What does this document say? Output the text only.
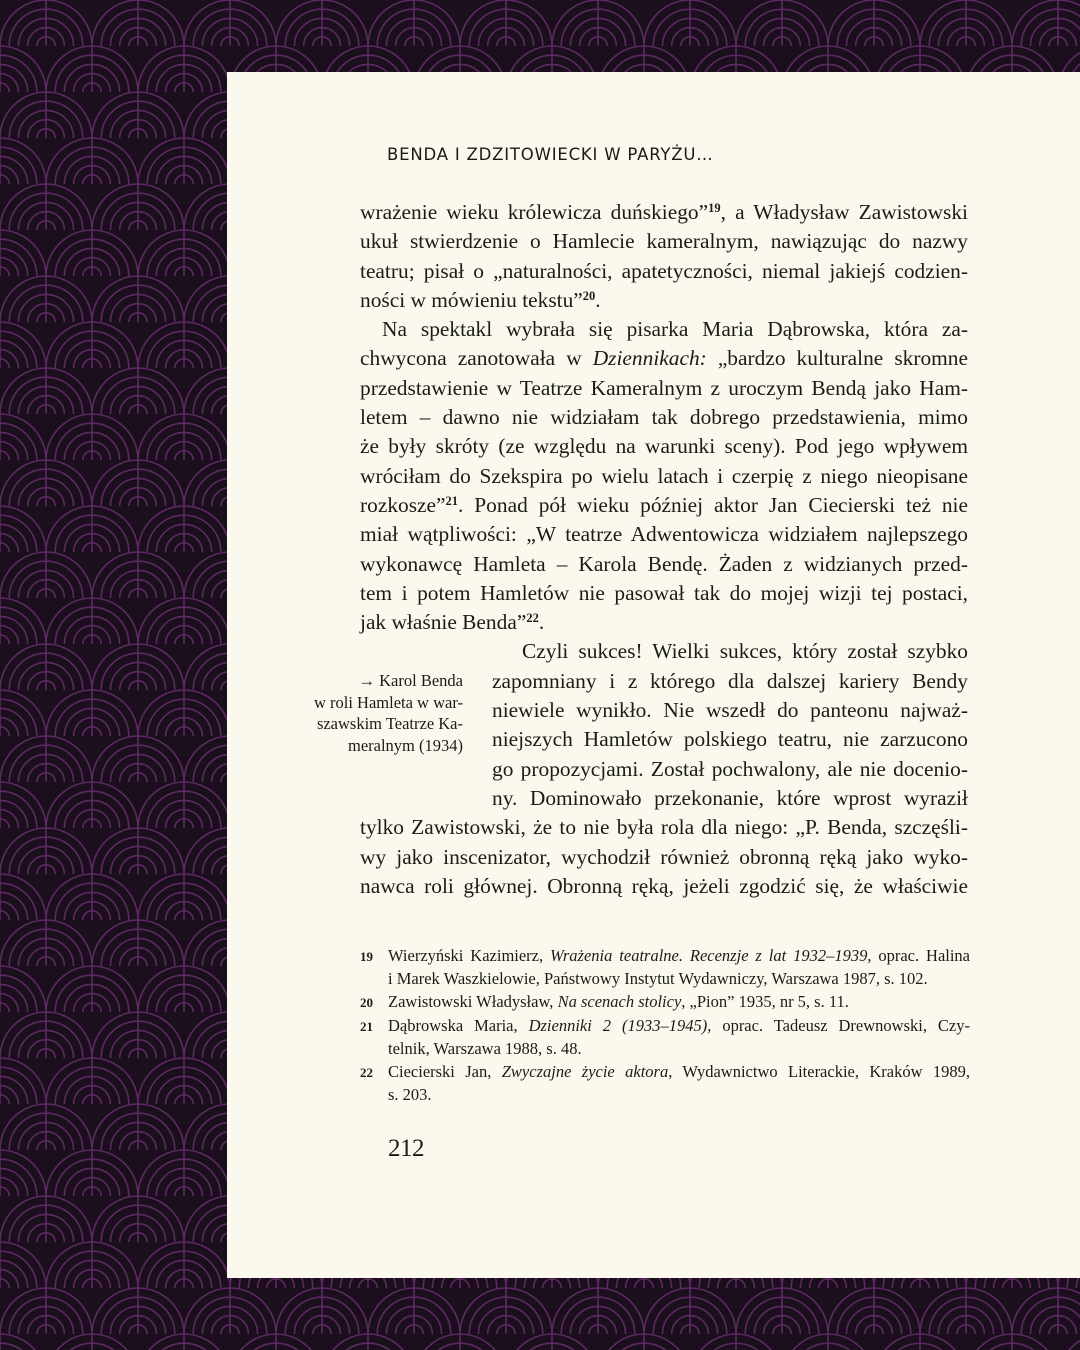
BENDA I ZDZITOWIECKI W PARYŻU…
wrażenie wieku królewicza duńskiego”$^{19}$, a Władysław Zawistowski
ukuł stwierdzenie o Hamlecie kameralnym, nawiązując do nazwy
teatru; pisał o „naturalności, apatetyczności, niemal jakiejś codzien-
ności w mówieniu tekstu”$^{20}$.
Na spektakl wybrała się pisarka Maria Dąbrowska, która za-
chwycona zanotowała w Dziennikach: „bardzo kulturalne skromne
przedstawienie w Teatrze Kameralnym z uroczym Bendą jako Ham-
letem – dawno nie widziałam tak dobrego przedstawienia, mimo
że były skróty (ze względu na warunki sceny). Pod jego wpływem
wróciłam do Szekspira po wielu latach i czerpię z niego nieopisane
rozkosze”$^{21}$. Ponad pół wieku później aktor Jan Ciecierski też nie
miał wątpliwości: „W teatrze Adwentowicza widziałem najlepszego
wykonawcę Hamleta – Karola Bendę. Żaden z widzianych przed-
tem i potem Hamletów nie pasował tak do mojej wizji tej postaci,
jak właśnie Benda”$^{22}$.
Czyli sukces! Wielki sukces, który został szybko
zapomniany i z którego dla dalszej kariery Bendy
niewiele wynikło. Nie wszedł do panteonu najważ-
niejszych Hamletów polskiego teatru, nie zarzucono
go propozycjami. Został pochwalony, ale nie docenio-
ny. Dominowało przekonanie, które wprost wyraził
tylko Zawistowski, że to nie była rola dla niego: „P. Benda, szczęśli-
wy jako inscenizator, wychodził również obronną ręką jako wyko-
nawca roli głównej. Obronną ręką, jeżeli zgodzić się, że właściwie
→ Karol Benda
w roli Hamleta w war-
szawskim Teatrze Ka-
meralnym (1934)
19 Wierzyński Kazimierz, Wrażenia teatralne. Recenzje z lat 1932–1939, oprac. Halina
i Marek Waszkielowie, Państwowy Instytut Wydawniczy, Warszawa 1987, s. 102.
20 Zawistowski Władysław, Na scenach stolicy, „Pion” 1935, nr 5, s. 11.
21 Dąbrowska Maria, Dzienniki 2 (1933–1945), oprac. Tadeusz Drewnowski, Czy-
telnik, Warszawa 1988, s. 48.
22 Ciecierski Jan, Zwyczajne życie aktora, Wydawnictwo Literackie, Kraków 1989,
s. 203.
212
